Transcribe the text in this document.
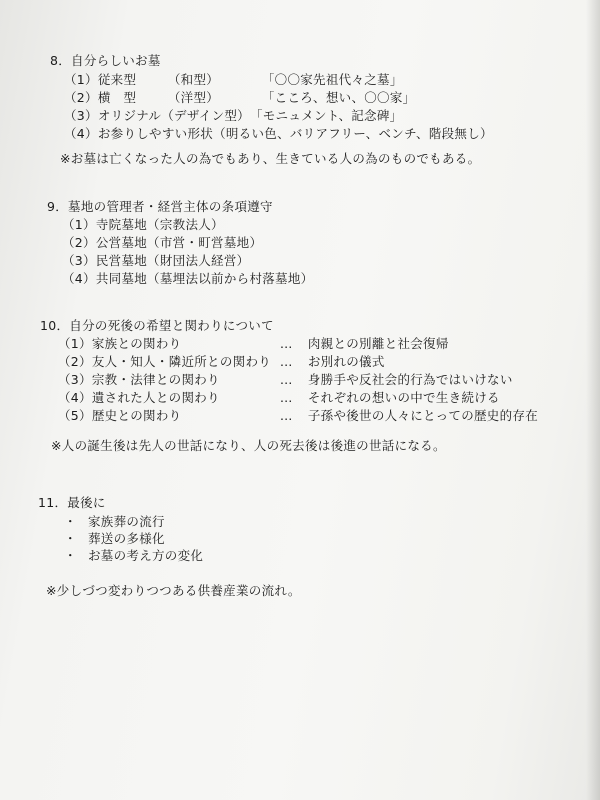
8．自分らしいお墓
（1）従来型	（和型）	「〇〇家先祖代々之墓」
（2）横　型	（洋型）	「こころ、想い、〇〇家」
（3）オリジナル（デザイン型）「モニュメント、記念碑」
（4）お参りしやすい形状（明るい色、バリアフリー、ベンチ、階段無し）
※お墓は亡くなった人の為でもあり、生きている人の為のものでもある。
9．墓地の管理者・経営主体の条項遵守
（1）寺院墓地（宗教法人）
（2）公営墓地（市営・町営墓地）
（3）民営墓地（財団法人経営）
（4）共同墓地（墓埋法以前から村落墓地）
10．自分の死後の希望と関わりについて
（1）家族との関わり	… 肉親との別離と社会復帰
（2）友人・知人・隣近所との関わり … お別れの儀式
（3）宗教・法律との関わり	… 身勝手や反社会的行為ではいけない
（4）遺された人との関わり	… それぞれの想いの中で生き続ける
（5）歴史との関わり	… 子孫や後世の人々にとっての歴史的存在
※人の誕生後は先人の世話になり、人の死去後は後進の世話になる。
11．最後に
・ 家族葬の流行
・ 葬送の多様化
・ お墓の考え方の変化
※少しづつ変わりつつある供養産業の流れ。
